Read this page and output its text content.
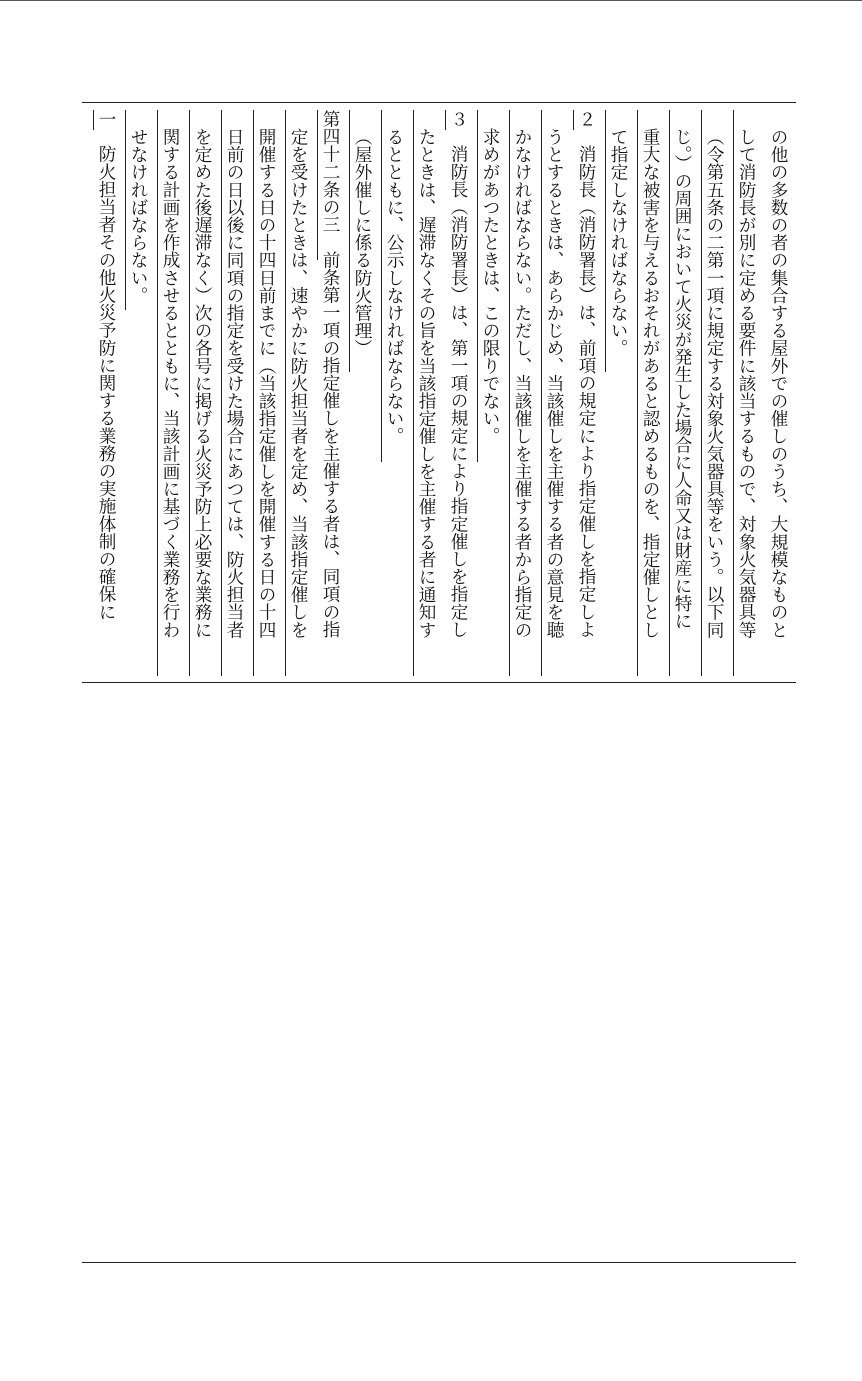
の他の多数の者の集合する屋外での催しのうち、大規模なものと
して消防長が別に定める要件に該当するもので、対象火気器具等
（令第五条の二第一項に規定する対象火気器具等をいう。以下同
じ。）の周囲において火災が発生した場合に人命又は財産に特に
重大な被害を与えるおそれがあると認めるものを、指定催しとし
て指定しなければならない。
２　消防長（消防署長）は、前項の規定により指定催しを指定しよ
うとするときは、あらかじめ、当該催しを主催する者の意見を聴
かなければならない。ただし、当該催しを主催する者から指定の
求めがあつたときは、この限りでない。
３　消防長（消防署長）は、第一項の規定により指定催しを指定し
たときは、遅滞なくその旨を当該指定催しを主催する者に通知す
るとともに、公示しなければならない。
（屋外催しに係る防火管理）
第四十二条の三　前条第一項の指定催しを主催する者は、同項の指
定を受けたときは、速やかに防火担当者を定め、当該指定催しを
開催する日の十四日前までに（当該指定催しを開催する日の十四
日前の日以後に同項の指定を受けた場合にあつては、防火担当者
を定めた後遅滞なく）次の各号に掲げる火災予防上必要な業務に
関する計画を作成させるとともに、当該計画に基づく業務を行わ
せなければならない。
一　防火担当者その他火災予防に関する業務の実施体制の確保に
